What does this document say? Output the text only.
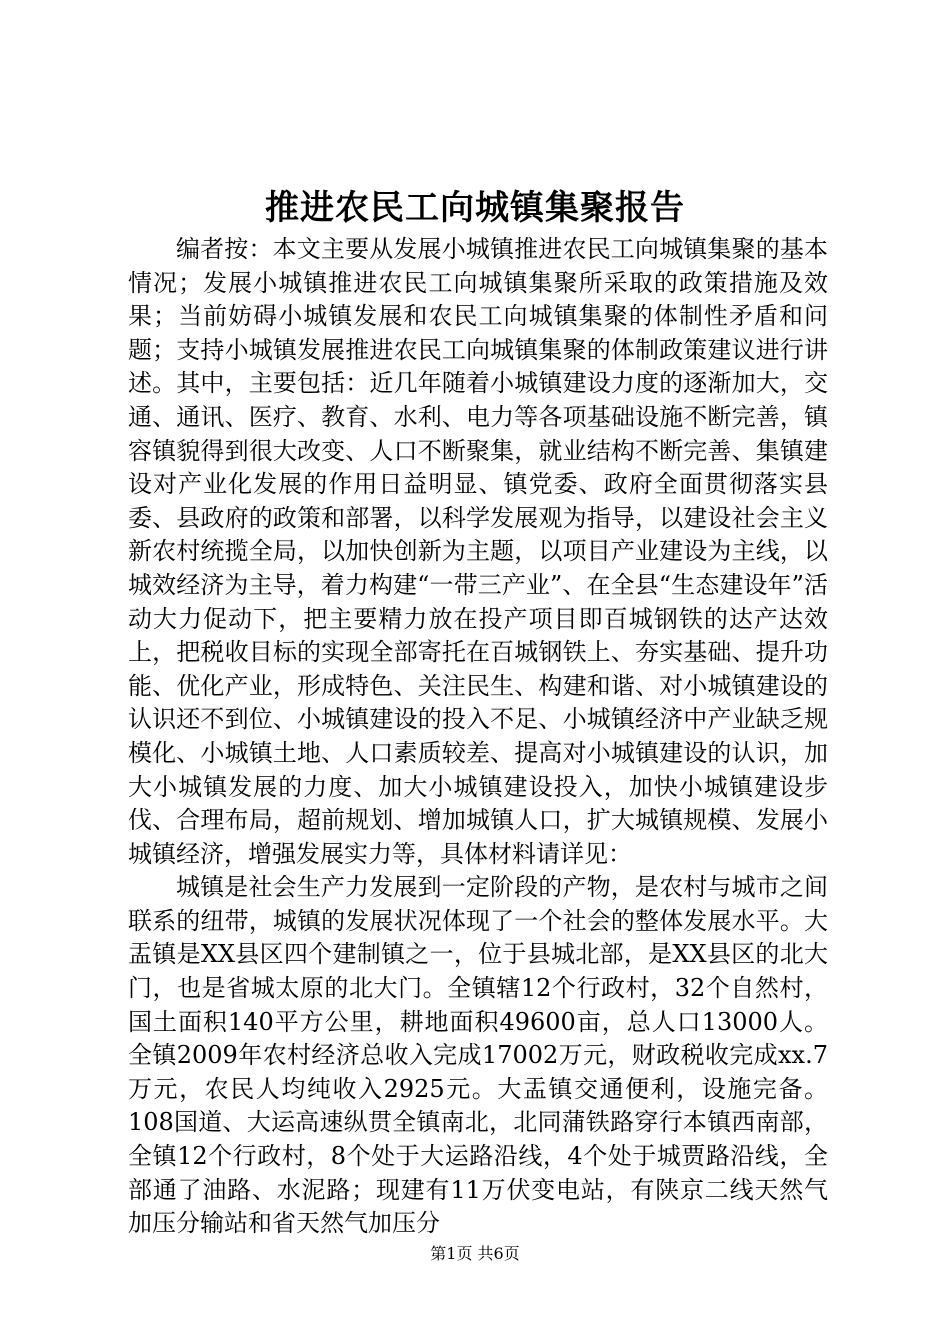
推进农民工向城镇集聚报告

编者按：本文主要从发展小城镇推进农民工向城镇集聚的基本情况；发展小城镇推进农民工向城镇集聚所采取的政策措施及效果；当前妨碍小城镇发展和农民工向城镇集聚的体制性矛盾和问题；支持小城镇发展推进农民工向城镇集聚的体制政策建议进行讲述。其中，主要包括：近几年随着小城镇建设力度的逐渐加大，交通、通讯、医疗、教育、水利、电力等各项基础设施不断完善，镇容镇貌得到很大改变、人口不断聚集，就业结构不断完善、集镇建设对产业化发展的作用日益明显、镇党委、政府全面贯彻落实县委、县政府的政策和部署，以科学发展观为指导，以建设社会主义新农村统揽全局，以加快创新为主题，以项目产业建设为主线，以城效经济为主导，着力构建“一带三产业”、在全县“生态建设年”活动大力促动下，把主要精力放在投产项目即百城钢铁的达产达效上，把税收目标的实现全部寄托在百城钢铁上、夯实基础、提升功能、优化产业，形成特色、关注民生、构建和谐、对小城镇建设的认识还不到位、小城镇建设的投入不足、小城镇经济中产业缺乏规模化、小城镇土地、人口素质较差、提高对小城镇建设的认识，加大小城镇发展的力度、加大小城镇建设投入，加快小城镇建设步伐、合理布局，超前规划、增加城镇人口，扩大城镇规模、发展小城镇经济，增强发展实力等，具体材料请详见：

城镇是社会生产力发展到一定阶段的产物，是农村与城市之间联系的纽带，城镇的发展状况体现了一个社会的整体发展水平。大盂镇是XX县区四个建制镇之一，位于县城北部，是XX县区的北大门，也是省城太原的北大门。全镇辖12个行政村，32个自然村，国土面积140平方公里，耕地面积49600亩，总人口13000人。全镇2009年农村经济总收入完成17002万元，财政税收完成xx.7万元，农民人均纯收入2925元。大盂镇交通便利，设施完备。108国道、大运高速纵贯全镇南北，北同蒲铁路穿行本镇西南部，全镇12个行政村，8个处于大运路沿线，4个处于城贾路沿线，全部通了油路、水泥路；现建有11万伏变电站，有陕京二线天然气加压分输站和省天然气加压分

第1页 共6页
